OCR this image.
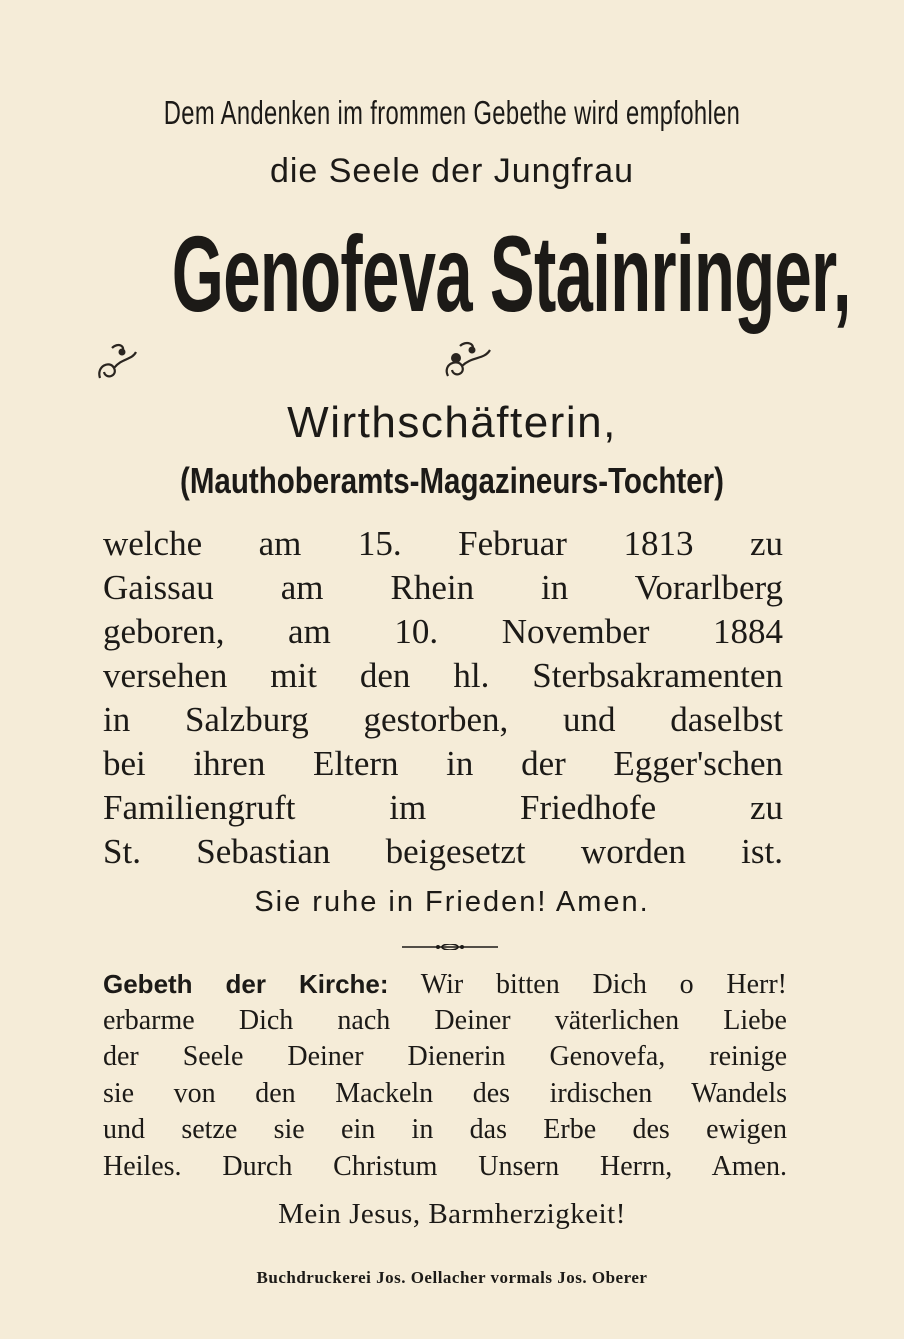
Dem Andenken im frommen Gebethe wird empfohlen
die Seele der Jungfrau
Genofeva Stainringer,
Wirthschäfterin,
(Mauthoberamts-Magazineurs-Tochter)
welche am 15. Februar 1813 zu
Gaissau am Rhein in Vorarlberg
geboren, am 10. November 1884
versehen mit den hl. Sterbsakramenten
in Salzburg gestorben, und daselbst
bei ihren Eltern in der Egger'schen
Familiengruft im Friedhofe zu
St. Sebastian beigesetzt worden ist.
Sie ruhe in Frieden! Amen.
Gebeth der Kirche: Wir bitten Dich o Herr!
erbarme Dich nach Deiner väterlichen Liebe
der Seele Deiner Dienerin Genovefa, reinige
sie von den Mackeln des irdischen Wandels
und setze sie ein in das Erbe des ewigen
Heiles. Durch Christum Unsern Herrn, Amen.
Mein Jesus, Barmherzigkeit!
Buchdruckerei Jos. Oellacher vormals Jos. Oberer
